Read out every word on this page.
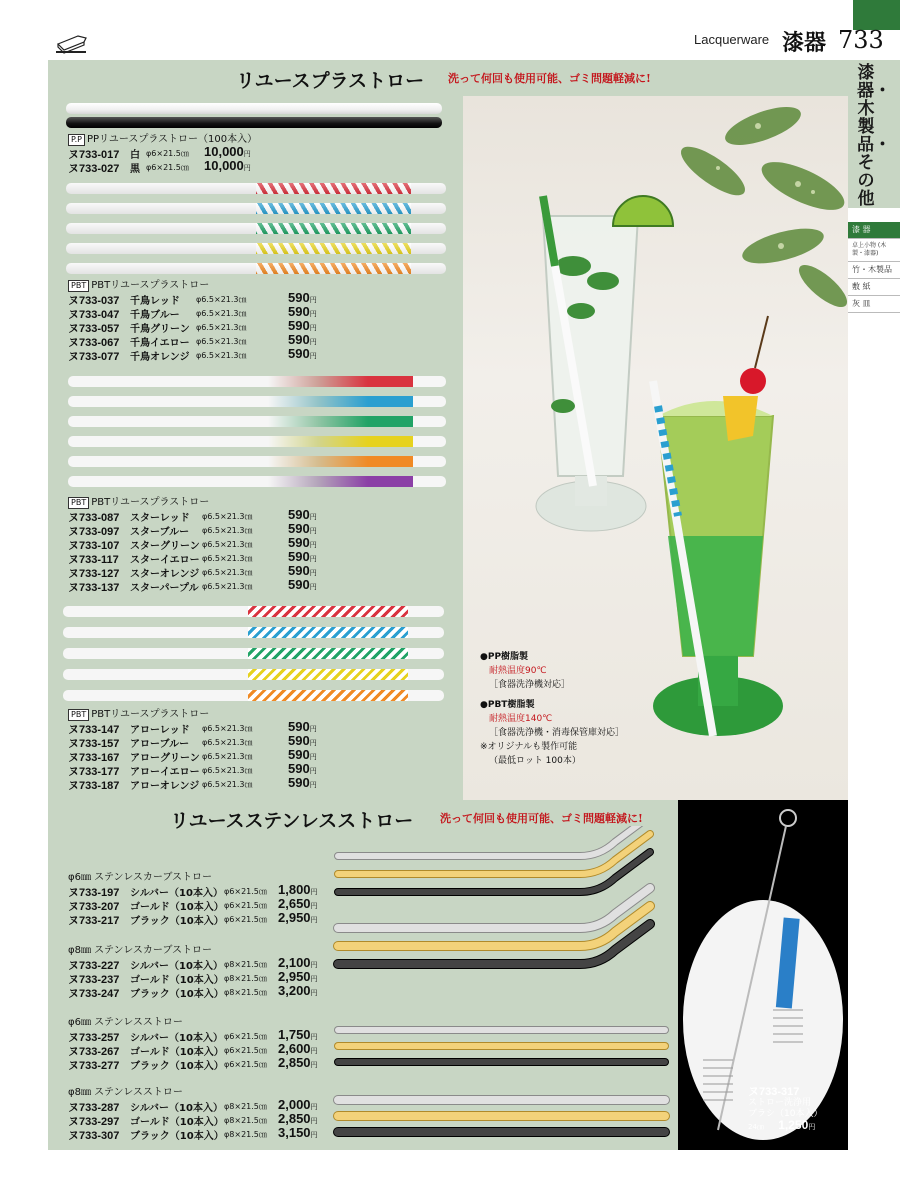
Lacquerware 漆器 733
漆器・木製品・その他
漆 器
卓上小物 (木製・漆器)
竹・木製品
敷 紙
灰 皿
リユースプラストロー 洗って何回も使用可能、ゴミ問題軽減に!
P.P PPリユースプラストロー（100本入）
ヌ733-017 白 φ6×21.5㎝ 10,000円
ヌ733-027 黒 φ6×21.5㎝ 10,000円
PBT PBTリユースプラストロー
ヌ733-037 千鳥レッド φ6.5×21.3㎝	590円
ヌ733-047 千鳥ブルー φ6.5×21.3㎝	590円
ヌ733-057 千鳥グリーン φ6.5×21.3㎝	590円
ヌ733-067 千鳥イエロー φ6.5×21.3㎝	590円
ヌ733-077 千鳥オレンジ φ6.5×21.3㎝	590円
PBT PBTリユースプラストロー
ヌ733-087 スターレッド φ6.5×21.3㎝	590円
ヌ733-097 スターブルー φ6.5×21.3㎝	590円
ヌ733-107 スターグリーン φ6.5×21.3㎝	590円
ヌ733-117 スターイエロー φ6.5×21.3㎝	590円
ヌ733-127 スターオレンジ φ6.5×21.3㎝	590円
ヌ733-137 スターパープル φ6.5×21.3㎝	590円
PBT PBTリユースプラストロー
ヌ733-147 アローレッド φ6.5×21.3㎝	590円
ヌ733-157 アローブルー φ6.5×21.3㎝	590円
ヌ733-167 アローグリーン φ6.5×21.3㎝	590円
ヌ733-177 アローイエロー φ6.5×21.3㎝	590円
ヌ733-187 アローオレンジ φ6.5×21.3㎝	590円
●PP樹脂製
耐熱温度90℃
［食器洗浄機対応］
●PBT樹脂製
耐熱温度140℃
［食器洗浄機・消毒保管庫対応］
※オリジナルも製作可能
（最低ロット 100本）
リユースステンレスストロー 洗って何回も使用可能、ゴミ問題軽減に!
φ6㎜ ステンレスカーブストロー
ヌ733-197 シルバー（10本入） φ6×21.5㎝ 1,800円
ヌ733-207 ゴールド（10本入） φ6×21.5㎝ 2,650円
ヌ733-217 ブラック（10本入） φ6×21.5㎝ 2,950円
φ8㎜ ステンレスカーブストロー
ヌ733-227 シルバー（10本入） φ8×21.5㎝ 2,100円
ヌ733-237 ゴールド（10本入） φ8×21.5㎝ 2,950円
ヌ733-247 ブラック（10本入） φ8×21.5㎝ 3,200円
φ6㎜ ステンレスストロー
ヌ733-257 シルバー（10本入） φ6×21.5㎝ 1,750円
ヌ733-267 ゴールド（10本入） φ6×21.5㎝ 2,600円
ヌ733-277 ブラック（10本入） φ6×21.5㎝ 2,850円
φ8㎜ ステンレスストロー
ヌ733-287 シルバー（10本入） φ8×21.5㎝ 2,000円
ヌ733-297 ゴールド（10本入） φ8×21.5㎝ 2,850円
ヌ733-307 ブラック（10本入） φ8×21.5㎝ 3,150円
ヌ733-317
ストロー洗浄用
ブラシ（10本入）
24㎝ 1,250円
